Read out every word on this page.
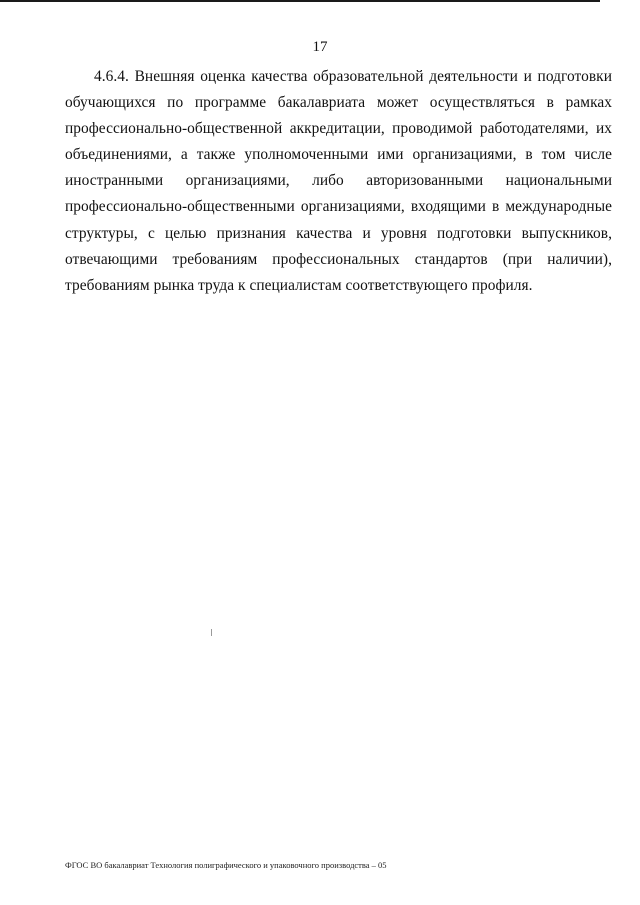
17

4.6.4. Внешняя оценка качества образовательной деятельности и подготовки обучающихся по программе бакалавриата может осуществляться в рамках профессионально-общественной аккредитации, проводимой работодателями, их объединениями, а также уполномоченными ими организациями, в том числе иностранными организациями, либо авторизованными национальными профессионально-общественными организациями, входящими в международные структуры, с целью признания качества и уровня подготовки выпускников, отвечающими требованиям профессиональных стандартов (при наличии), требованиям рынка труда к специалистам соответствующего профиля.

ФГОС ВО бакалавриат Технология полиграфического и упаковочного производства – 05
